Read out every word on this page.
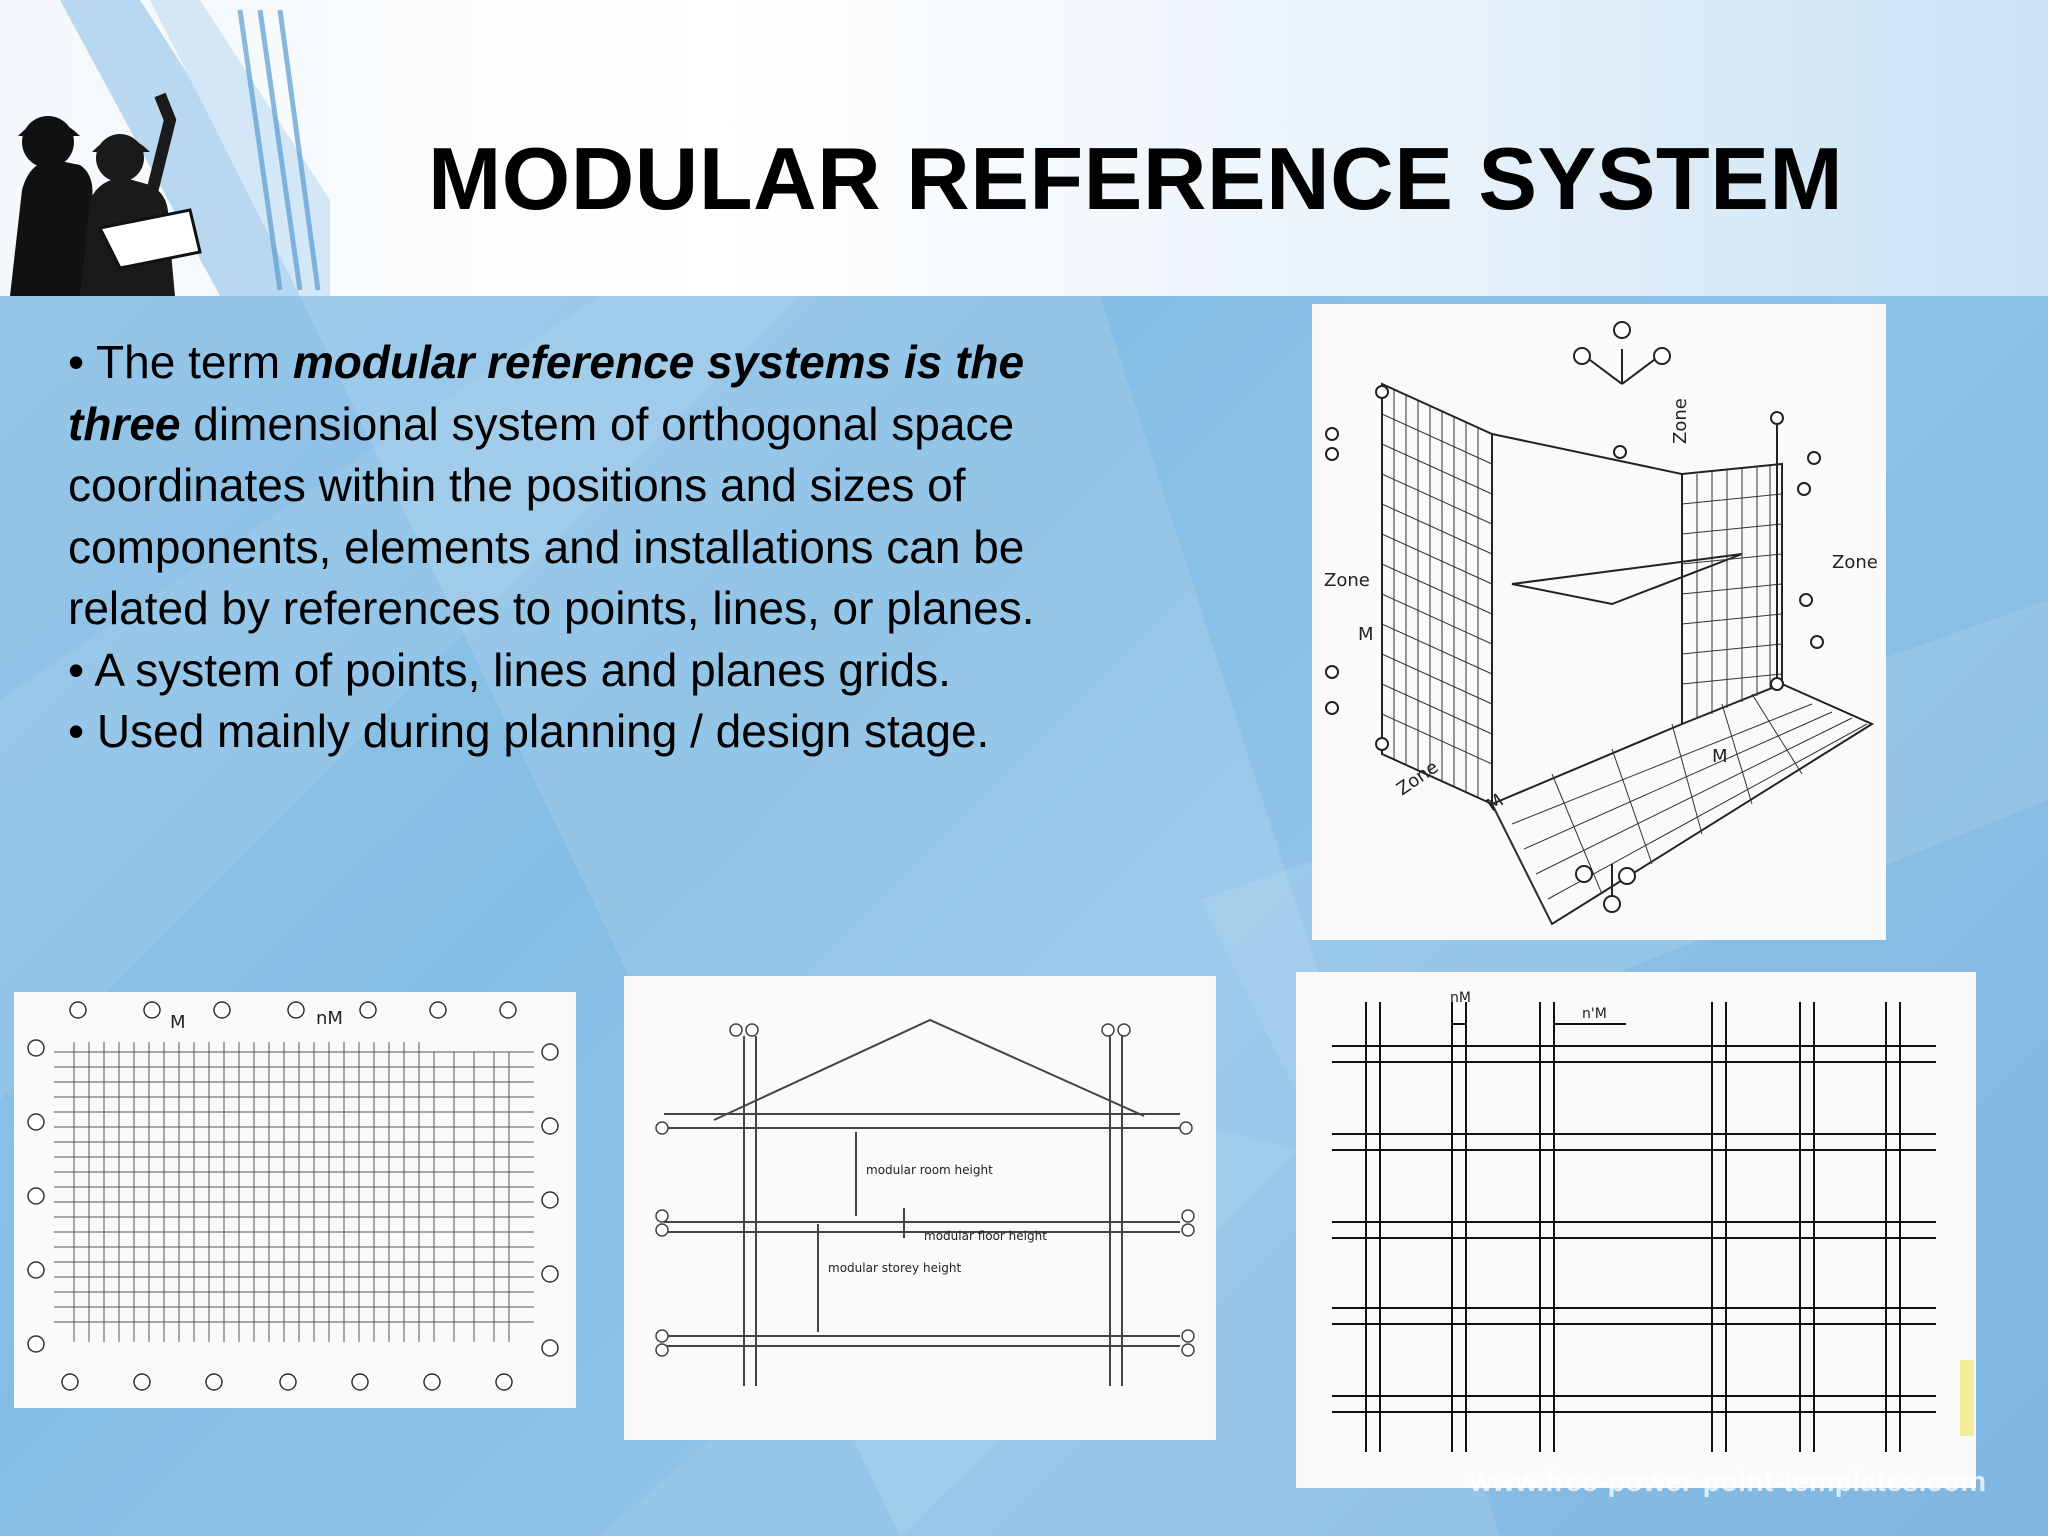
MODULAR REFERENCE SYSTEM

• The term modular reference systems is the three dimensional system of orthogonal space coordinates within the positions and sizes of components, elements and installations can be related by references to points, lines, or planes.

• A system of points, lines and planes grids.

• Used mainly during planning / design stage.

Zone
Zone
Zone
Zone
M
M
M
M	nM
modular room height
modular floor height
modular storey height
nM
n'M
www.free-power-point-templates.com
